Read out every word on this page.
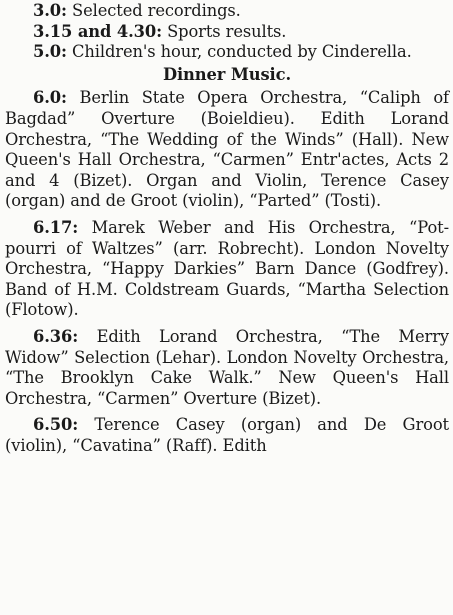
3.0: Selected recordings.

3.15 and 4.30: Sports results.

5.0: Children's hour, conducted by Cinderella.

Dinner Music.

6.0: Berlin State Opera Orchestra, “Caliph of Bagdad” Overture (Boieldieu). Edith Lorand Orchestra, “The Wedding of the Winds” (Hall). New Queen's Hall Orchestra, “Carmen” Entr'actes, Acts 2 and 4 (Bizet). Organ and Violin, Terence Casey (organ) and de Groot (violin), “Parted” (Tosti).

6.17: Marek Weber and His Orchestra, “Pot-pourri of Waltzes” (arr. Robrecht). London Novelty Orchestra, “Happy Darkies” Barn Dance (Godfrey). Band of H.M. Coldstream Guards, “Martha Selection (Flotow).

6.36: Edith Lorand Orchestra, “The Merry Widow” Selection (Lehar). London Novelty Orchestra, “The Brooklyn Cake Walk.” New Queen's Hall Orchestra, “Carmen” Overture (Bizet).

6.50: Terence Casey (organ) and De Groot (violin), “Cavatina” (Raff). Edith
